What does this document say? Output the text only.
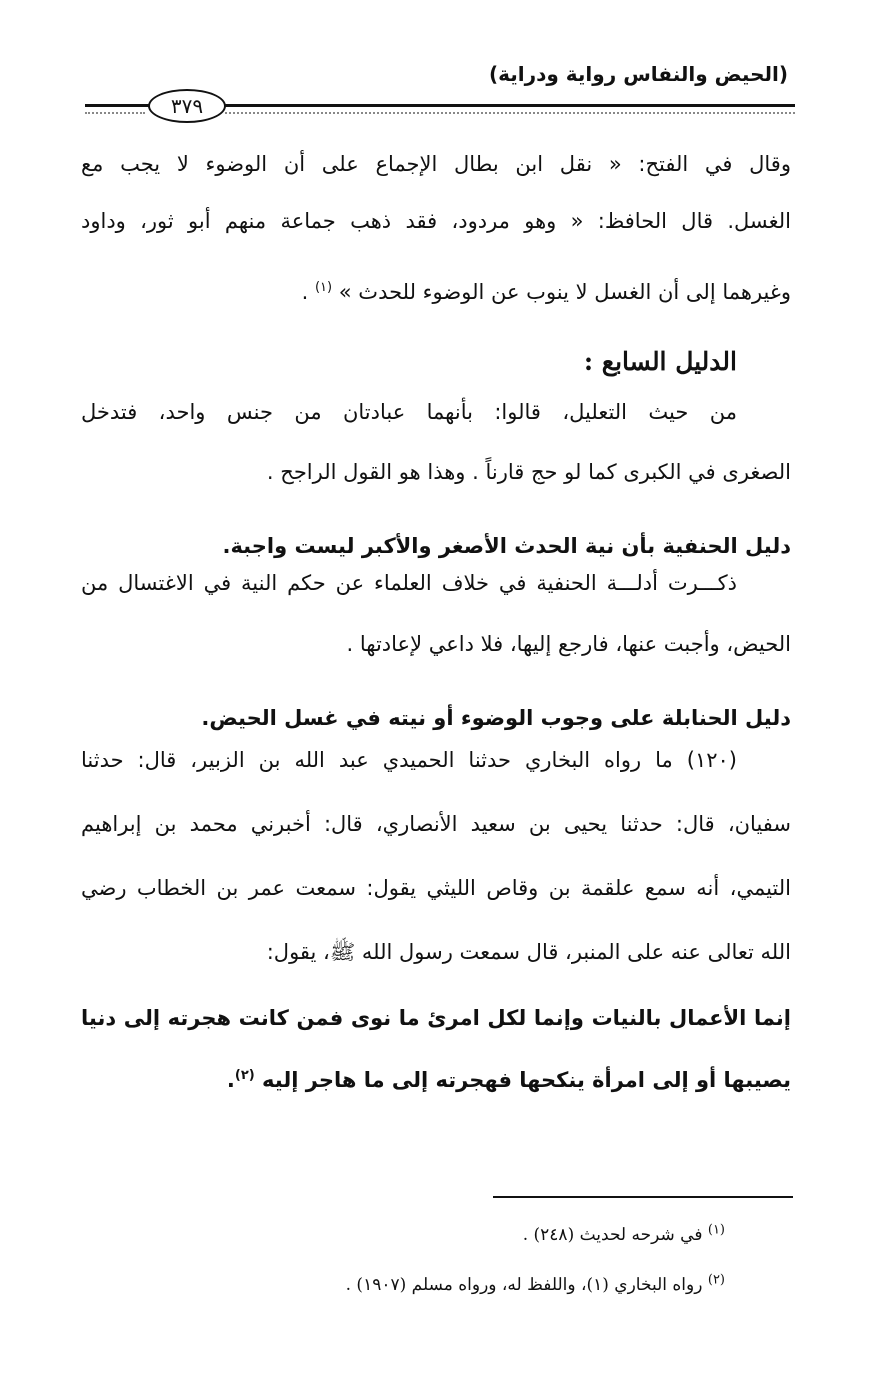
(الحيض والنفاس رواية ودراية)
٣٧٩
وقال في الفتح: « نقل ابن بطال الإجماع على أن الوضوء لا يجب مع
الغسل. قال الحافظ: « وهو مردود، فقد ذهب جماعة منهم أبو ثور، وداود
وغيرهما إلى أن الغسل لا ينوب عن الوضوء للحدث » $^{(١)}$ .
الدليل السابع :
من حيث التعليل، قالوا: بأنهما عبادتان من جنس واحد، فتدخل
الصغرى في الكبرى كما لو حج قارناً . وهذا هو القول الراجح .
دليل الحنفية بأن نية الحدث الأصغر والأكبر ليست واجبة.
ذكـــرت أدلـــة الحنفية في خلاف العلماء عن حكم النية في الاغتسال من
الحيض، وأجبت عنها، فارجع إليها، فلا داعي لإعادتها .
دليل الحنابلة على وجوب الوضوء أو نيته في غسل الحيض.
(١٢٠) ما رواه البخاري حدثنا الحميدي عبد الله بن الزبير، قال: حدثنا
سفيان، قال: حدثنا يحيى بن سعيد الأنصاري، قال: أخبرني محمد بن إبراهيم
التيمي، أنه سمع علقمة بن وقاص الليثي يقول: سمعت عمر بن الخطاب رضي
الله تعالى عنه على المنبر، قال سمعت رسول الله ﷺ، يقول:
إنما الأعمال بالنيات وإنما لكل امرئ ما نوى فمن كانت هجرته إلى دنيا
يصيبها أو إلى امرأة ينكحها فهجرته إلى ما هاجر إليه $^{(٢)}$.
$^{(١)}$ في شرحه لحديث (٢٤٨) .
$^{(٢)}$ رواه البخاري (١)، واللفظ له، ورواه مسلم (١٩٠٧) .
